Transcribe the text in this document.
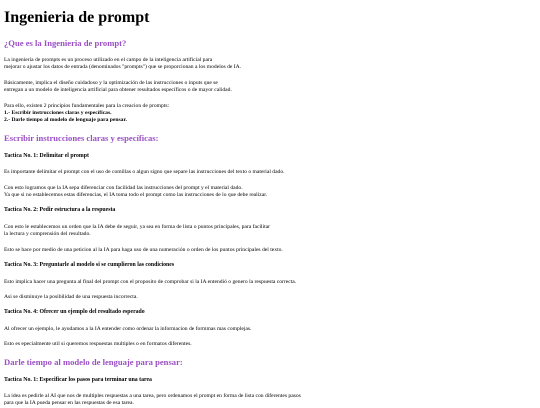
Ingenieria de prompt
¿Que es la Ingenieria de prompt?

La ingeniería de prompts es un proceso utilizado en el campo de la inteligencia artificial para
mejorar o ajustar los datos de entrada (denominados "prompts") que se proporcionan a los modelos de IA.

Básicamente, implica el diseño cuidadoso y la optimización de las instrucciones o inputs que se
entregan a un modelo de inteligencia artificial para obtener resultados específicos o de mayor calidad.

Para ello, existen 2 principios fundamentales para la creacion de prompts:
1.- Escribir instrucciones claras y específicas.
2.- Darle tiempo al modelo de lenguaje para pensar.

Escribir instrucciones claras y específicas:
Tactica No. 1: Delimitar el prompt

Es importante delimitar el prompt con el uso de comillas o algun signo que separe las instrucciones del texto o material dado.

Con esto logramos que la IA sepa diferenciar con facilidad las instrucciones del prompt y el material dado.
Ya que si no establecemos estas diferencias, el IA toma todo el prompt como las instrucciones de lo que debe realizar.

Tactica No. 2: Pedir estructura a la respuesta

Con esto le establecemos un orden que la IA debe de seguir, ya sea en forma de lista o puntos principales, para facilitar
la lectura y comprensión del resultado.

Esto se hace por medio de una peticion al la IA para haga uso de una numeración o orden de los puntos principales del texto.

Tactica No. 3: Preguntarle al modelo si se cumplieron las condiciones

Esto implica hacer una pregunta al final del prompt con el proposito de comprobar si la IA entendió o genero la respuesta correcta.

Asi se disminuye la posibilidad de una respuesta incorrecta.

Tactica No. 4: Ofrecer un ejemplo del resultado esperado

Al ofrecer un ejemplo, le ayudamos a la IA entender como ordenar la informacion de formmas mas complejas.

Esto es epecialmente util si queremos respuestas multiples o en formatos diferentes.

Darle tiempo al modelo de lenguaje para pensar:
Tactica No. 1: Especificar los pasos para terminar una tarea

La idea es pedirle al AI que nos de multiples respuestas a una tarea, pero ordenamos el prompt en forma de lista con diferentes pasos
para que la IA pueda pensar en las respuestas de esa tarea.
